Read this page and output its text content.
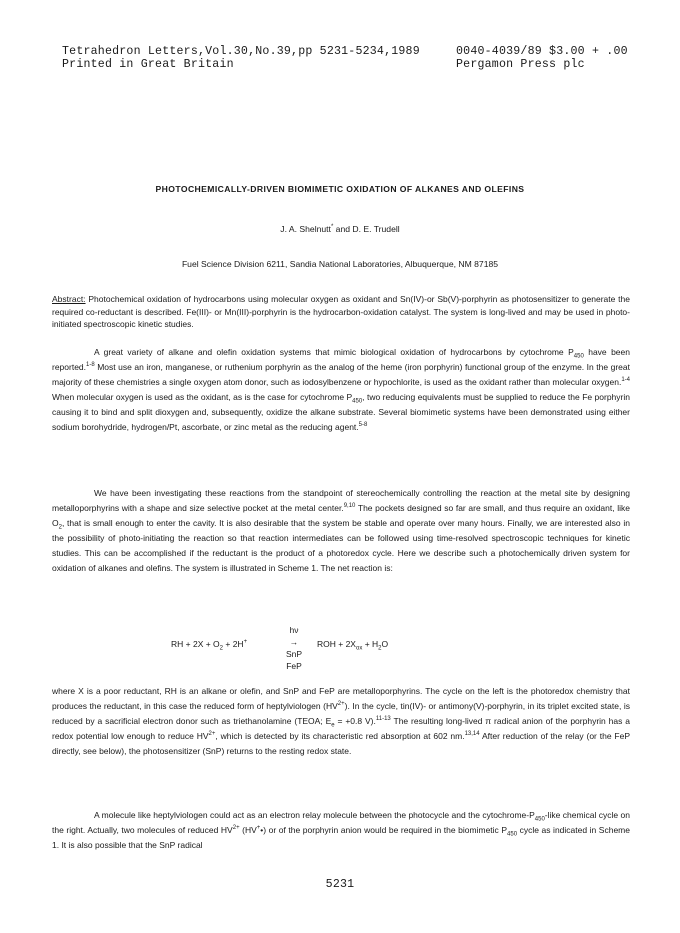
Tetrahedron Letters,Vol.30,No.39,pp 5231-5234,1989
Printed in Great Britain
0040-4039/89 $3.00 + .00
Pergamon Press plc
PHOTOCHEMICALLY-DRIVEN BIOMIMETIC OXIDATION OF ALKANES AND OLEFINS
J. A. Shelnutt* and D. E. Trudell
Fuel Science Division 6211, Sandia National Laboratories, Albuquerque, NM 87185
Abstract: Photochemical oxidation of hydrocarbons using molecular oxygen as oxidant and Sn(IV)-or Sb(V)-porphyrin as photosensitizer to generate the required co-reductant is described. Fe(III)- or Mn(III)-porphyrin is the hydrocarbon-oxidation catalyst. The system is long-lived and may be used in photo-initiated spectroscopic kinetic studies.
A great variety of alkane and olefin oxidation systems that mimic biological oxidation of hydrocarbons by cytochrome $P_{450}$ have been reported.$^{1-8}$ Most use an iron, manganese, or ruthenium porphyrin as the analog of the heme (iron porphyrin) functional group of the enzyme. In the great majority of these chemistries a single oxygen atom donor, such as iodosylbenzene or hypochlorite, is used as the oxidant rather than molecular oxygen.$^{1-4}$ When molecular oxygen is used as the oxidant, as is the case for cytochrome $P_{450}$, two reducing equivalents must be supplied to reduce the Fe porphyrin causing it to bind and split dioxygen and, subsequently, oxidize the alkane substrate. Several biomimetic systems have been demonstrated using either sodium borohydride, hydrogen/Pt, ascorbate, or zinc metal as the reducing agent.$^{5-8}$
We have been investigating these reactions from the standpoint of stereochemically controlling the reaction at the metal site by designing metalloporphyrins with a shape and size selective pocket at the metal center.$^{9,10}$ The pockets designed so far are small, and thus require an oxidant, like $O_2$, that is small enough to enter the cavity. It is also desirable that the system be stable and operate over many hours. Finally, we are interested also in the possibility of photo-initiating the reaction so that reaction intermediates can be followed using time-resolved spectroscopic techniques for kinetic studies. This can be accomplished if the reductant is the product of a photoredox cycle. Here we describe such a photochemically driven system for oxidation of alkanes and olefins. The system is illustrated in Scheme 1. The net reaction is:
RH + $2X + O_2 + 2H^+$
hν
→
SnP
FeP
ROH + $2X_{ox} + H_2O$
where X is a poor reductant, RH is an alkane or olefin, and SnP and FeP are metalloporphyrins. The cycle on the left is the photoredox chemistry that produces the reductant, in this case the reduced form of heptylviologen $(HV^{2+})$. In the cycle, tin(IV)- or antimony(V)-porphyrin, in its triplet excited state, is reduced by a sacrificial electron donor such as triethanolamine (TEOA; $E_e = +0.8$ V).$^{11-13}$ The resulting long-lived π radical anion of the porphyrin has a redox potential low enough to reduce $HV^{2+}$, which is detected by its characteristic red absorption at 602 nm.$^{13,14}$ After reduction of the relay (or the FeP directly, see below), the photosensitizer (SnP) returns to the resting redox state.
A molecule like heptylviologen could act as an electron relay molecule between the photocycle and the cytochrome-$P_{450}$-like chemical cycle on the right. Actually, two molecules of reduced $HV^{2+}$ (HV+•) or of the porphyrin anion would be required in the biomimetic $P_{450}$ cycle as indicated in Scheme 1. It is also possible that the SnP radical
5231
